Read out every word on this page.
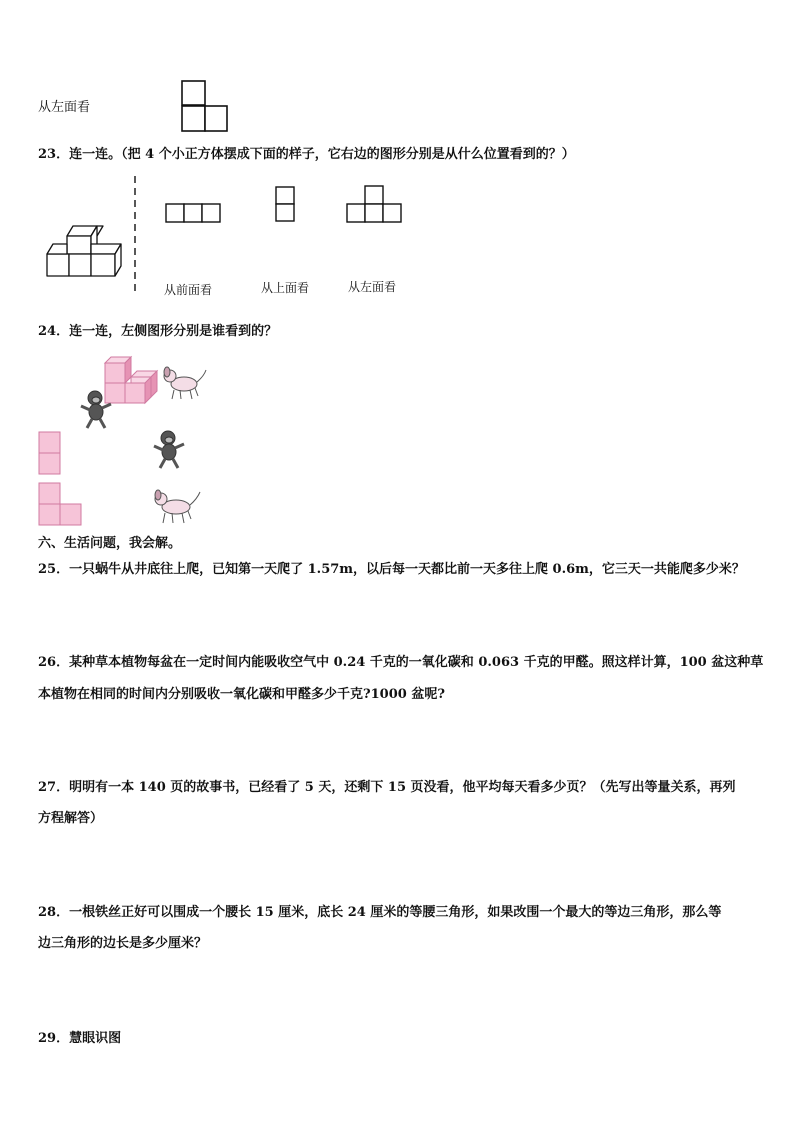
从左面看
23．连一连。（把 4 个小正方体摆成下面的样子，它右边的图形分别是从什么位置看到的？）
从前面看	从上面看	从左面看
24．连一连，左侧图形分别是谁看到的？
六、生活问题，我会解。
25．一只蜗牛从井底往上爬，已知第一天爬了 1.57m，以后每一天都比前一天多往上爬 0.6m，它三天一共能爬多少米？
26．某种草本植物每盆在一定时间内能吸收空气中 0.24 千克的一氧化碳和 0.063 千克的甲醛。照这样计算，100 盆这种草
本植物在相同的时间内分别吸收一氧化碳和甲醛多少千克?1000 盆呢?
27．明明有一本 140 页的故事书，已经看了 5 天，还剩下 15 页没看，他平均每天看多少页？（先写出等量关系，再列
方程解答）
28．一根铁丝正好可以围成一个腰长 15 厘米，底长 24 厘米的等腰三角形，如果改围一个最大的等边三角形，那么等
边三角形的边长是多少厘米？
29．慧眼识图
